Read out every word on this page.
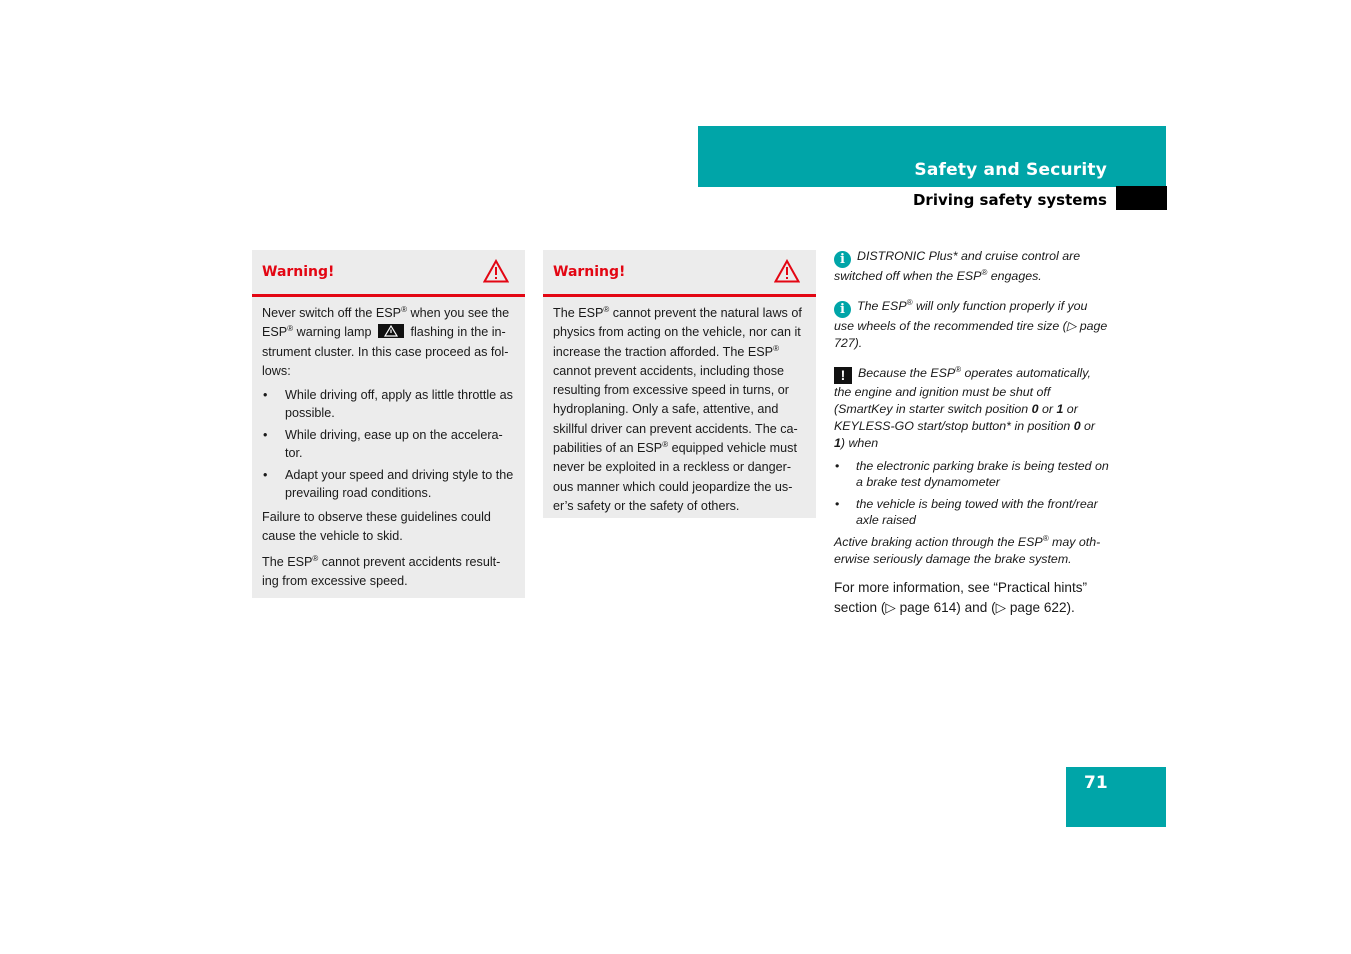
Safety and Security
Driving safety systems
Warning!

Never switch off the ESP® when you see the ESP® warning lamp	flashing in the in-strument cluster. In this case proceed as fol-lows:

• While driving off, apply as little throttle as possible.
• While driving, ease up on the accelera-tor.
• Adapt your speed and driving style to the prevailing road conditions.

Failure to observe these guidelines could cause the vehicle to skid.

The ESP® cannot prevent accidents result-ing from excessive speed.

Warning!

The ESP® cannot prevent the natural laws of physics from acting on the vehicle, nor can it increase the traction afforded. The ESP® cannot prevent accidents, including those resulting from excessive speed in turns, or hydroplaning. Only a safe, attentive, and skillful driver can prevent accidents. The ca-pabilities of an ESP® equipped vehicle must never be exploited in a reckless or danger-ous manner which could jeopardize the us-er’s safety or the safety of others.

i DISTRONIC Plus* and cruise control are switched off when the ESP® engages.

i The ESP® will only function properly if you use wheels of the recommended tire size (▷ page 727).

! Because the ESP® operates automatically, the engine and ignition must be shut off (SmartKey in starter switch position 0 or 1 or KEYLESS-GO start/stop button* in position 0 or 1) when

• the electronic parking brake is being tested on a brake test dynamometer
• the vehicle is being towed with the front/rear axle raised

Active braking action through the ESP® may oth-erwise seriously damage the brake system.

For more information, see “Practical hints” section (▷ page 614) and (▷ page 622).
71
